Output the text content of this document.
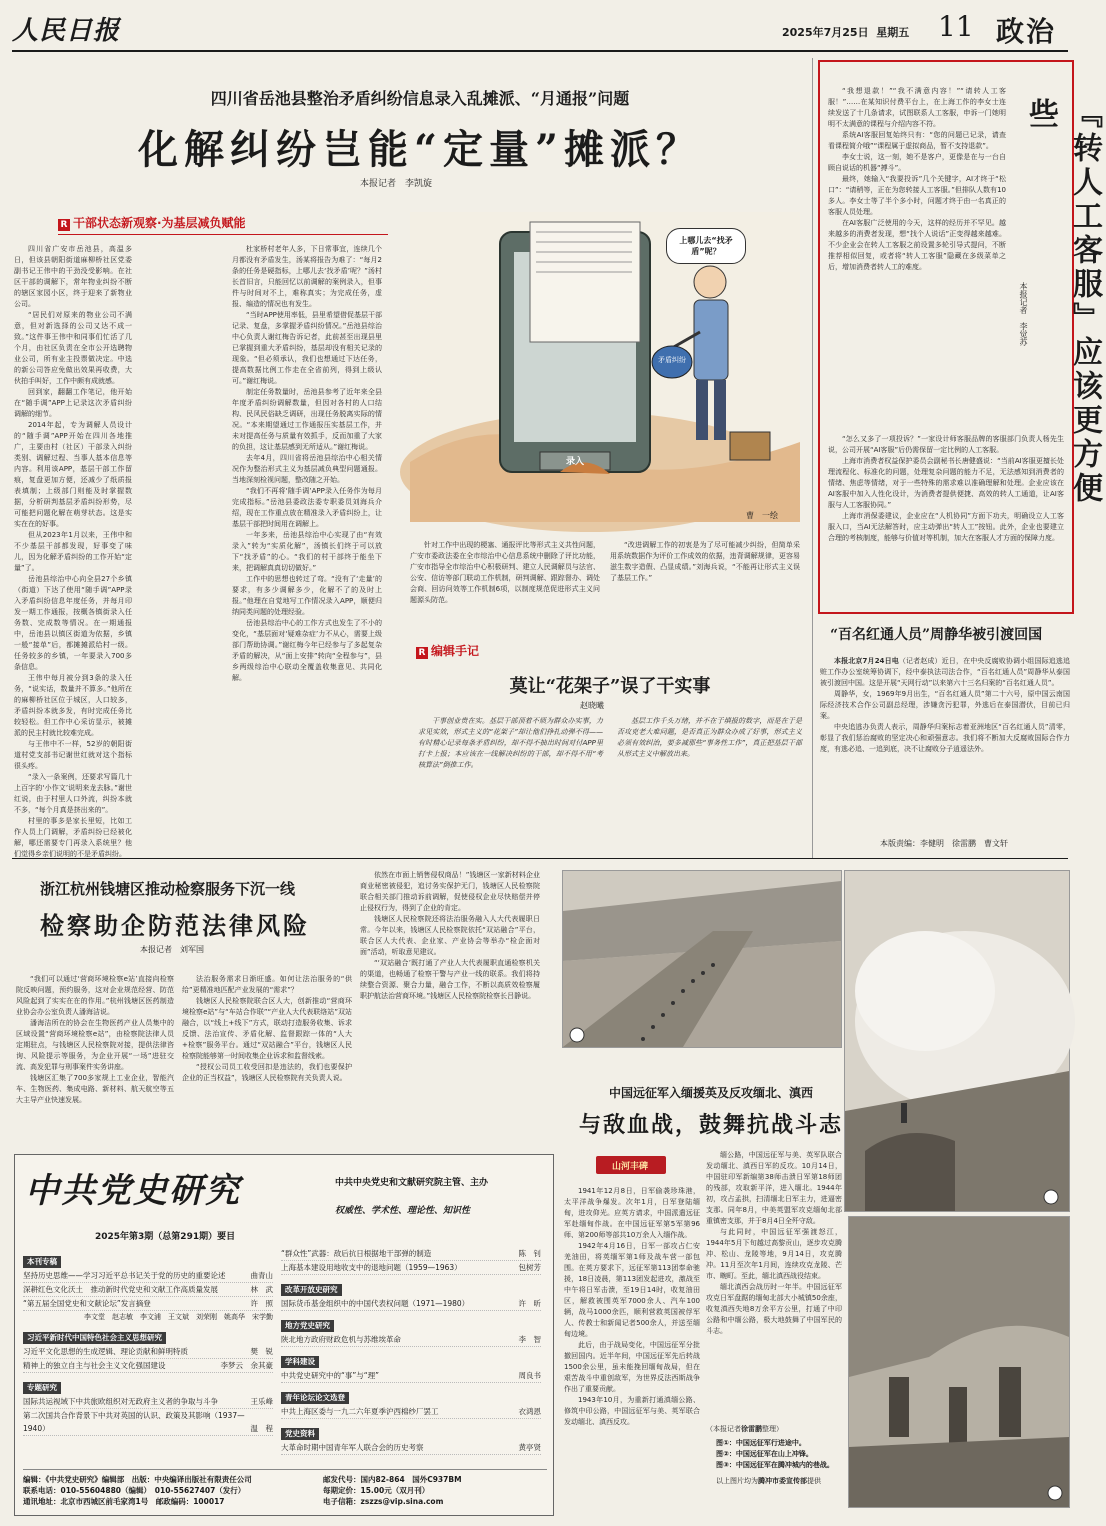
人民日报	2025年7月25日 星期五 11 政治
四川省岳池县整治矛盾纠纷信息录入乱摊派、“月通报”问题
化解纠纷岂能“定量”摊派？
本报记者　李凯旋
R 干部状态新观察·为基层减负赋能

四川省广安市岳池县，高温多日，但该县朝阳街道麻柳桥社区党委副书记王伟中的干劲没受影响。在社区干部的调解下，常年物业纠纷不断的辖区家园小区，终于迎来了新物业公司。

“居民们对原来的物业公司不满意，但对新选择的公司又达不成一致。”这件事王伟中和同事们忙活了几个月，由社区负责在全市公开选聘物业公司，所有业主投票做决定。中选的新公司答应免做出效果再收费，大伙拍手叫好，工作中颇有成就感。

回到家，翻翻工作笔记，他开始在“随手调”APP上记录这次矛盾纠纷调解的细节。

2014年起，专为调解人员设计的“随手调”APP开始在四川各地推广，主要由村（社区）干部录入纠纷类别、调解过程、当事人基本信息等内容。利用该APP，基层干部工作留痕，复盘更加方便，还减少了纸质报表填制；上级部门则能及时掌握数据，分析研判基层矛盾纠纷形势，尽可能把问题化解在萌芽状态。这是实实在在的好事。

但从2023年1月以来，王伟中和不少基层干部都发现，好事变了味儿，因为化解矛盾纠纷的工作开始“定量”了。

岳池县综治中心向全县27个乡镇（街道）下达了使用“随手调”APP录入矛盾纠纷信息年度任务，并每月印发一期工作通报，按概各镇街录入任务数、完成数等情况。在一期通报中，岳池县以镇区街道为依据，乡镇一般“接单”后，都摊摊派给村一级。任务较多的乡镇，一年要录入700多条信息。

王伟中每月被分到3条的录入任务，“说实话，数量并不算多。”他所在的麻柳桥社区位于城区，人口较多，矛盾纠纷本就多发，有时完成任务比较轻松。但工作中心采访显示，被摊派的民主村就比较难完成。

与王伟中不一样，52岁的朝阳街道村党支部书记谢世红就对这个指标很头疼。

“录入一条案例，还要求写篇几十上百字的‘小作文’说明来龙去脉。”谢世红说，由于村里人口外流，纠纷本就不多，“每个月真是挤出来的”。

村里的事多是家长里短，比如工作人员上门调解，矛盾纠纷已经被化解，哪还需要专门再录入系统里？他们觉得乡亲们说明的不是矛盾纠纷。

杜家桥村老年人多，下日常事宜，连续几个月都没有矛盾发生，汤某将报告为难了：“每月2条的任务是硬指标，上哪儿去‘找矛盾’呢？”汤村长首旧言，只能回忆以前调解的案例录入，但事件与时间对不上，难称真实；为完成任务，虚报、编造的情况也有发生。

“当时APP使用率低，县里希望借促基层干部记录、复盘，多掌握矛盾纠纷情况。”岳池县综治中心负责人谢红梅告诉记者，此前甚至出现县里已掌握到重大矛盾纠纷，基层却没有相关记录的现象。“但必须承认，我们也想通过下达任务，提高数据比例工作走在全省前列，得到上级认可。”谢红梅说。

制定任务数量时，岳池县参考了近年来全县年度矛盾纠纷调解数量，但因对各村的人口结构、民风民俗缺乏调研，出现任务脱离实际的情况。“本来期望通过工作通报压实基层工作，并未对提高任务与质量有效抓手，反而加重了大家的负担，这让基层感到无所适从。”谢红梅说。

去年4月，四川省将岳池县综治中心相关情况作为整治形式主义为基层减负典型问题通报。当地深刻检视问题，整改随之开始。

“我们不再将‘随手调’APP录入任务作为每月完成指标。”岳池县委政法委专职委员刘海兵介绍，现在工作重点放在精准录入矛盾纠纷上，让基层干部把时间用在调解上。

一年多来，岳池县综治中心实现了由“有效录入”转为“实质化解”，汤镇长们终于可以放下“找矛盾”的心。“我们的村干部终于能坐下来，把调解真真切切做好。”

工作中的思想也转过了弯。“没有了‘走量’的要求，有多少调解多少，化解不了的及时上报。”他理在自觉地写工作情况录入APP，顺便归纳同类问题的处理经验。

岳池县综治中心的工作方式也发生了不小的变化，“基层面对‘疑难杂症’力不从心，需要上级部门帮助协调。”谢红梅今年已经参与了多起复杂矛盾的解决，从“面上安排”转向“全程参与”，县乡两级综治中心联动全覆盖收集意见、共同化解。

上哪儿去“找矛盾”呢？
录入
矛盾纠纷
曹　一绘

针对工作中出现的梗塞、通报评比等形式主义共性问题，广安市委政法委在全市综治中心信息系统中删除了评比功能，广安市指导全市综治中心积极研判、建立人民调解员与法官、公安、信访等部门联动工作机制，研判调解、跟踪督办、调处会商、回访问效等工作机制6项，以制度规范促进形式主义问题源头防范。

“改进调解工作的初衷是为了尽可能减少纠纷，但简单采用系统数据作为评价工作成效的依据，违背调解规律，更容易滋生数字造假、凸显成绩。”刘海兵说，“不能再让形式主义误了基层工作。”

R 编辑手记
莫让“花架子”误了干实事
赵晓曦

干事创业贵在实。基层干部顶着不烦为群众办实事，力求见实效，形式主义的“花架子”却让他们挣扎动弹不得——有时精心记录每条矛盾纠纷，却不得不抽出时间对付APP里打卡上报；本应该在一线解决纠纷的干部，却不得不用“考核算法”倒推工作。

基层工作千头万绪，并不在于填报的数字，而是在于是否攻克老大难问题，是否真正为群众办成了好事，形式主义必须有效纠治，要多减那些“事务性工作”，真正把基层干部从形式主义中解放出来。

“我想退款！”“我不满意内容！”“请转人工客服！”……在某知识付费平台上，在上海工作的李女士连续发送了十几条请求，试图联系人工客服，申诉一门她明明不太满意的课程与介绍内容不符。

系统AI客服回复始终只有：“您的问题已记录，请查看课程简介哦”“课程属于虚拟商品，暂不支持退款”。

李女士说，这一刻，她不是客户，更像是在与一台自顾自说话的机器“搏斗”。

最终，她输入“我要投诉”几个关键字，AI才终于“松口”：“请稍等，正在为您转接人工客服。”但排队人数有10多人。李女士等了半个多小时，问题才终于由一名真正的客服人员处理。

在AI客服广泛使用的今天，这样的经历并不罕见。越来越多的消费者发现，想“找个人说话”正变得越来越难。不少企业会在转人工客服之前设置多轮引导式提问，不断推荐相似回复，或者将“转人工客服”隐藏在多级菜单之后，增加消费者转人工的难度。	『转人工客服』应该更方便些
本报记者　李觉苏

“怎么又多了一项投诉？”一家设计师客服品牌的客服部门负责人杨先生说，公司开展“AI客服”后仍需保留一定比例的人工客服。

上海市消费者权益保护委员会副秘书长唐健盛说：“当前AI客服更擅长处理流程化、标准化的问题，处理复杂问题的能力不足，无法感知到消费者的情绪、焦虑等情绪，对于一些特殊的需求难以准确理解和处理。企业应该在AI客服中加入人性化设计，为消费者提供便捷、高效的转人工通道，让AI客服与人工客服协同。”

上海市消保委建议，企业应在“人机协同”方面下功夫，明确设立人工客服入口，当AI无法解答时，应主动弹出“转人工”按钮。此外，企业也要建立合理的考核制度，能够与价值对等机制，加大在客服人才方面的保障力度。

“百名红通人员”周静华被引渡回国

本报北京7月24日电（记者赵成）近日，在中央反腐败协调小组国际追逃追赃工作办公室统筹协调下，经中泰执法司法合作，“百名红通人员”周静华从泰国被引渡回中国。这是开展“天网行动”以来第六十三名归案的“百名红通人员”。

周静华，女，1969年9月出生，“百名红通人员”第二十六号，原中国云南国际经济技术合作公司副总经理，涉嫌贪污犯罪，外逃后在泰国潜伏，目前已归案。

中央追逃办负责人表示，周静华归案标志着亚洲地区“百名红通人员”清零，彰显了我们惩治腐败的坚定决心和顽强意志。我们将不断加大反腐败国际合作力度，有逃必追、一追到底，决不让腐败分子逍遥法外。

本版责编：李健明　徐雷鹏　曹文轩
浙江杭州钱塘区推动检察服务下沉一线
检察助企防范法律风险
本报记者　刘军国

“我们可以通过‘营商环境检察e站’直接向检察院反映问题，预约服务，这对企业规范经营、防范风险起到了实实在在的作用。”杭州钱塘区医药制造业协会办公室负责人潘海洁说。

潘海洁所在的协会在生物医药产业人员集中的区域设置“营商环境检察e站”，由检察院法律人员定期驻点，与钱塘区人民检察院对接，提供法律咨询、风险提示等服务，为企业开展“一场”进驻交流、高发犯罪与刑事案件实务讲座。

钱塘区汇集了700多家规上工业企业，智能汽车、生物医药、集成电路、新材料、航天航空等五大主导产业快速发展。

法治服务需求日渐旺盛。如何让法治服务的“供给”更精准地匹配产业发展的“需求”？

钱塘区人民检察院联合区人大，创新推动“营商环境检察e站”与“车站合作联”“产业人大代表联络站”双站融合，以“线上+线下”方式，联动打造服务收集、诉求反馈、法治宣传、矛盾化解、监督跟踪一体的“人大+检察”服务平台。通过“双站融合”平台，钱塘区人民检察院能够第一时间收集企业诉求和监督线索。

“授权公司员工收受回扣是违法的，我们也要保护企业的正当权益”，钱塘区人民检察院有关负责人说。

依然在市面上销售侵权商品！”钱塘区一家新材料企业商业秘密被侵犯，追讨务实保护无门，钱塘区人民检察院联合相关部门推动诉前调解，促使侵权企业尽快赔偿并停止侵权行为，得到了企业的肯定。

钱塘区人民检察院还将法治服务融入人大代表履职日常。今年以来，钱塘区人民检察院依托“双站融合”平台，联合区人大代表、企业家、产业协会等举办“检企面对面”活动，听取意见建议。

“‘双站融合’既打通了产业人大代表履职直通检察机关的渠道，也畅通了检察干警与产业一线的联系。我们将持续整合资源、聚合力量，融合工作，不断以高质效检察履职护航法治营商环境。”钱塘区人民检察院检察长吕静说。

中国远征军入缅援英及反攻缅北、滇西
与敌血战，鼓舞抗战斗志
山河丰碑

1941年12月8日，日军偷袭珍珠港，太平洋战争爆发。次年1月，日军登陆缅甸，进攻仰光。应英方请求，中国派遣远征军赴缅甸作战。在中国远征军第5军第96师、第200师等部共10万余人入缅作战。

1942年4月16日，日军一部攻占仁安羌油田，将英缅军第1师及战车营一部包围。在英方要求下，远征军第113团奉命驰援，18日凌晨，第113团发起进攻，激战至中午将日军击溃，至19日14时，收复油田区，解救被围英军7000余人、汽车100辆，战马1000余匹，顺利营救英国被俘军人、传教士和新闻记者500余人，并送至缅甸边境。

此后，由于战局变化，中国远征军分批撤回国内。近半年间，中国远征军先后转战1500余公里，虽未能挽回缅甸战局，但在艰苦战斗中重创敌军，为世界反法西斯战争作出了重要贡献。

1943年10月，为重新打通滇缅公路、修筑中印公路，中国远征军与美、英军联合发动缅北、滇西反攻。

缅公路，中国远征军与美、英军队联合发动缅北、滇西日军的反攻。10月14日，中国驻印军新编第38师击溃日军第18师团的残部，攻取新平洋，进入缅北。1944年初，攻占孟拱，扫清缅北日军主力，进逼密支那。同年8月，中美英盟军攻克缅甸北部重镇密支那，并于8月4日全歼守敌。

与此同时，中国远征军强渡怒江，1944年5月下旬越过高黎贡山，逐步攻克腾冲、松山、龙陵等地，9月14日，攻克腾冲。11月至次年1月间，连续攻克龙陵、芒市、畹町。至此，缅北滇西战役结束。

缅北滇西会战历时一年半。中国远征军攻克日军盘踞的缅甸北部大小城镇50余座，收复滇西失地8万余平方公里，打通了中印公路和中缅公路，极大地鼓舞了中国军民的斗志。

（本报记者徐雷鹏整理）
图①：中国远征军行进途中。
图②：中国远征军在山上冲锋。
图③：中国远征军在腾冲城内的巷战。
以上图片均为腾冲市委宣传部提供
中共党史研究	中共中央党史和文献研究院主管、主办
权威性、学术性、理论性、知识性
2025年第3期（总第291期）要目
本刊专稿
坚持历史思维——学习习近平总书记关于党的历史的重要论述	曲青山
深耕红色文化沃土　推动新时代党史和文献工作高质量发展	林　武
“第五届全国党史和文献论坛”发言摘登	许　照
李文堂　赵志敏　李文浦　王文斌　刘荣刚　姚高华　宋学勤
习近平新时代中国特色社会主义思想研究
习近平文化思想的生成逻辑、理论贡献和鲜明特质	樊　锐
精神上的独立自主与社会主义文化强国建设	李梦云　余其豪
专题研究
国际共运视域下中共旅欧组织对无政府主义者的争取与斗争	王乐峰
第二次国共合作背景下中共对英国的认识、政策及其影响（1937—1940）	温　程
“群众性”武器：敌后抗日根据地干部弹的制造	陈　钊
上海基本建设用地收支中的退地问题（1959—1963）	包树芳
改革开放史研究
国际货币基金组织中的中国代表权问题（1971—1980）	许　昕
地方党史研究
陕北地方政府财政危机与苏维埃革命	李　智
学科建设
中共党史研究中的“事”与“理”	周良书
青年论坛论文选登
中共上海区委与一九二六年夏季沪西棉纱厂罢工	衣鸿恩
党史资料
大革命时期中国青年军人联合会的历史考察	黄亭贤
编辑：《中共党史研究》编辑部　出版：中央编译出版社有限责任公司
联系电话：010-55604880（编辑）　010-55627407（发行）
通讯地址：北京市西城区前毛家湾1号　邮政编码：100017
邮发代号：国内82-864　国外C937BM
每期定价：15.00元（双月刊）
电子信箱：zszzs@vip.sina.com
